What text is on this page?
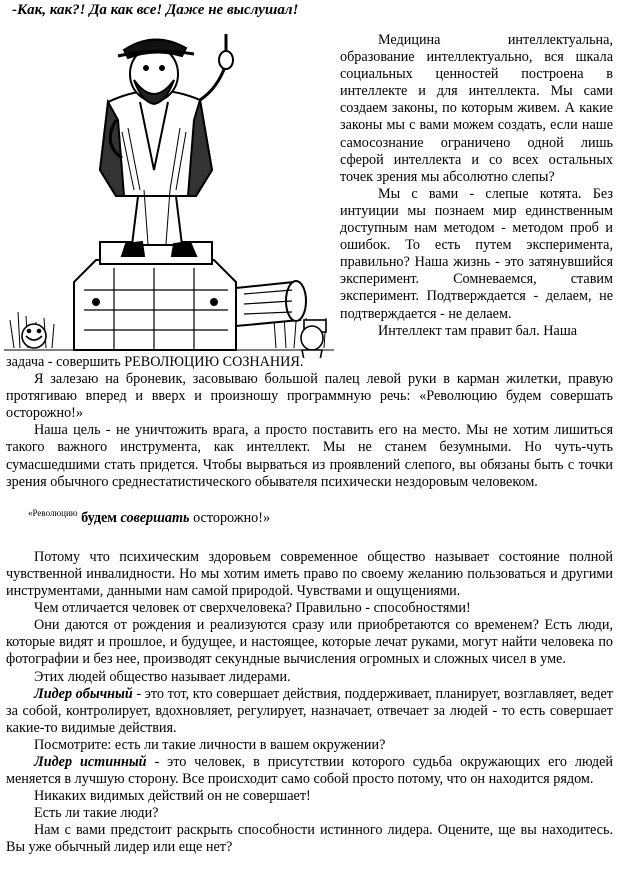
-Как, как?! Да как все! Даже не выслушал!

Медицина интеллектуальна, образование интеллектуально, вся шкала социальных ценностей построена в интеллекте и для интеллекта. Мы сами создаем законы, по которым живем. А какие законы мы с вами можем создать, если наше самосознание ограничено одной лишь сферой интеллекта и со всех остальных точек зрения мы абсолютно слепы?

Мы с вами - слепые котята. Без интуиции мы познаем мир единственным доступным нам методом - методом проб и ошибок. То есть путем эксперимента, правильно? Наша жизнь - это затянувшийся эксперимент. Сомневаемся, ставим эксперимент. Подтверждается - делаем, не подтверждается - не делаем.

Интеллект там правит бал. Наша

задача - совершить РЕВОЛЮЦИЮ СОЗНАНИЯ.

Я залезаю на броневик, засовываю большой палец левой руки в карман жилетки, правую протягиваю вперед и вверх и произношу программную речь: «Революцию будем совершать осторожно!»

Наша цель - не уничтожить врага, а просто поставить его на место. Мы не хотим лишиться такого важного инструмента, как интеллект. Мы не станем безумными. Но чуть-чуть сумасшедшими стать придется. Чтобы вырваться из проявлений слепого, вы обязаны быть с точки зрения обычного среднестатистического обывателя психически нездоровым человеком.

$^{«Революцию}$ будем совершать осторожно!»

Потому что психическим здоровьем современное общество называет состояние полной чувственной инвалидности. Но мы хотим иметь право по своему желанию пользоваться и другими инструментами, данными нам самой природой. Чувствами и ощущениями.

Чем отличается человек от сверхчеловека? Правильно - способностями!

Они даются от рождения и реализуются сразу или приобретаются со временем? Есть люди, которые видят и прошлое, и будущее, и настоящее, которые лечат руками, могут найти человека по фотографии и без нее, производят секундные вычисления огромных и сложных чисел в уме.

Этих людей общество называет лидерами.

Лидер обычный - это тот, кто совершает действия, поддерживает, планирует, возглавляет, ведет за собой, контролирует, вдохновляет, регулирует, назначает, отвечает за людей - то есть совершает какие-то видимые действия.

Посмотрите: есть ли такие личности в вашем окружении?

Лидер истинный - это человек, в присутствии которого судьба окружающих его людей меняется в лучшую сторону. Все происходит само собой просто потому, что он находится рядом.

Никаких видимых действий он не совершает!

Есть ли такие люди?

Нам с вами предстоит раскрыть способности истинного лидера. Оцените, ще вы находитесь. Вы уже обычный лидер или еще нет?
